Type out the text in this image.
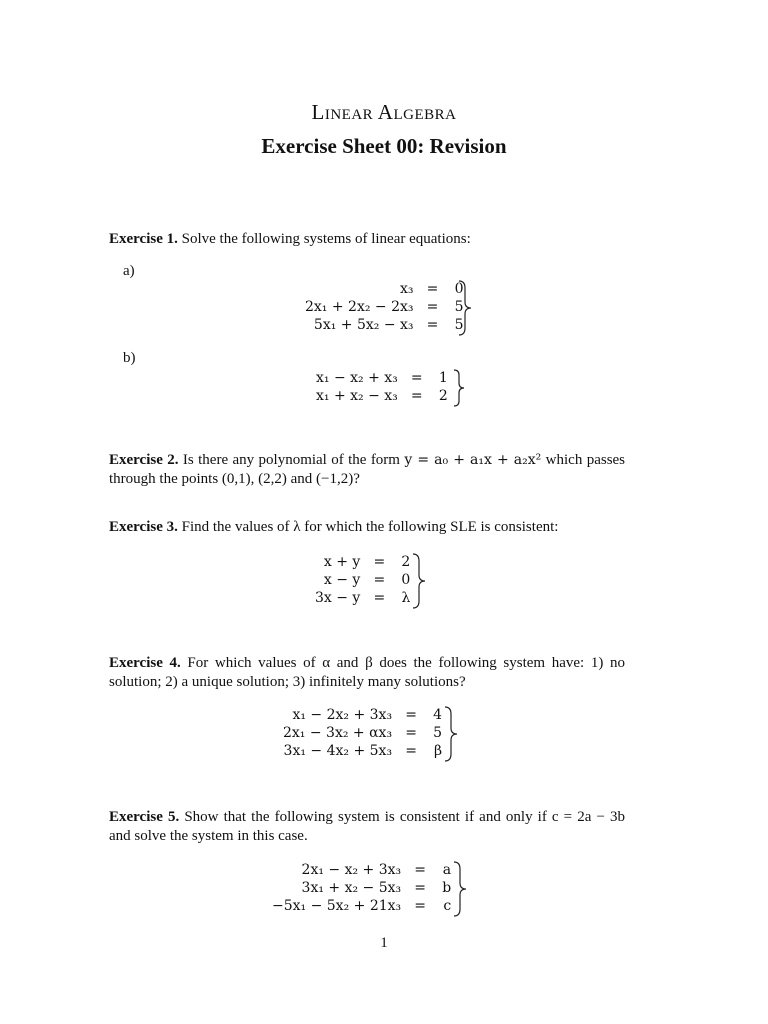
Linear Algebra
Exercise Sheet 00: Revision
Exercise 1. Solve the following systems of linear equations:
a)
x₃	=	0
2x₁ + 2x₂ − 2x₃	=	5
5x₁ + 5x₂ − x₃	=	5
b)
x₁ − x₂ + x₃	=	1
x₁ + x₂ − x₃	=	2
Exercise 2. Is there any polynomial of the form y = a₀ + a₁x + a₂x² which passes through the points (0,1), (2,2) and (−1,2)?
Exercise 3. Find the values of λ for which the following SLE is consistent:
x + y	=	2
x − y	=	0
3x − y	=	λ
Exercise 4. For which values of α and β does the following system have: 1) no solution; 2) a unique solution; 3) infinitely many solutions?
x₁ − 2x₂ + 3x₃	=	4
2x₁ − 3x₂ + αx₃	=	5
3x₁ − 4x₂ + 5x₃	=	β
Exercise 5. Show that the following system is consistent if and only if c = 2a − 3b and solve the system in this case.
2x₁ − x₂ + 3x₃	=	a
3x₁ + x₂ − 5x₃	=	b
−5x₁ − 5x₂ + 21x₃	=	c
1
